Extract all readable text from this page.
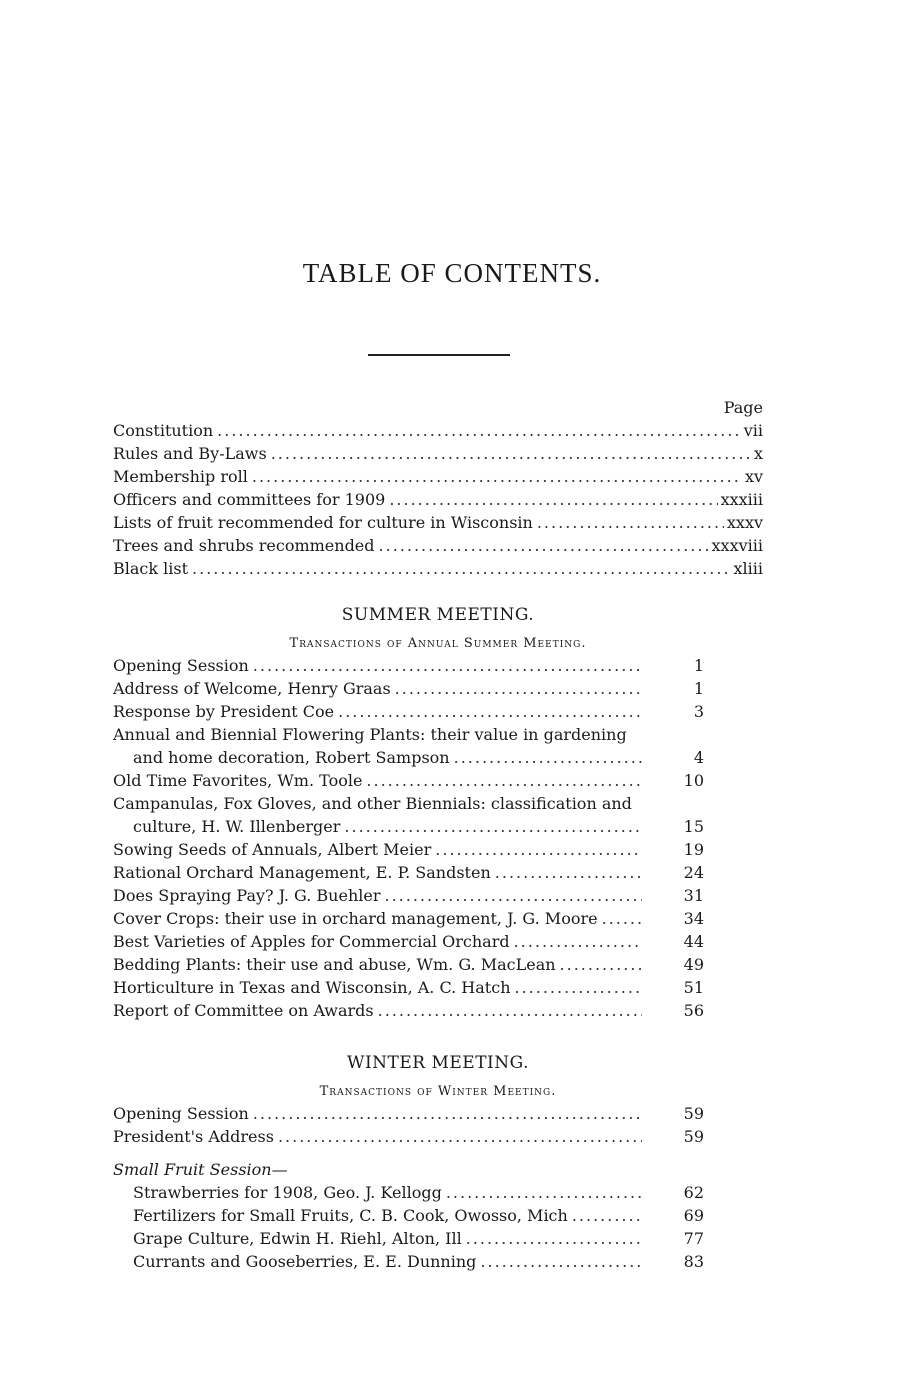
TABLE OF CONTENTS.
Page
Constitution .....	vii
Rules and By-Laws .....	x
Membership roll .....	xv
Officers and committees for 1909 .....	xxxiii
Lists of fruit recommended for culture in Wisconsin .....	xxxv
Trees and shrubs recommended .....	xxxviii
Black list .....	xliii
SUMMER MEETING.
Transactions of Annual Summer Meeting.
Opening Session .....	1
Address of Welcome, Henry Graas .....	1
Response by President Coe .....	3
Annual and Biennial Flowering Plants: their value in gardening
and home decoration, Robert Sampson .....	4
Old Time Favorites, Wm. Toole .....	10
Campanulas, Fox Gloves, and other Biennials: classification and
culture, H. W. Illenberger .....	15
Sowing Seeds of Annuals, Albert Meier .....	19
Rational Orchard Management, E. P. Sandsten .....	24
Does Spraying Pay? J. G. Buehler .....	31
Cover Crops: their use in orchard management, J. G. Moore .....	34
Best Varieties of Apples for Commercial Orchard .....	44
Bedding Plants: their use and abuse, Wm. G. MacLean .....	49
Horticulture in Texas and Wisconsin, A. C. Hatch .....	51
Report of Committee on Awards .....	56
WINTER MEETING.
Transactions of Winter Meeting.
Opening Session .....	59
President's Address .....	59
Small Fruit Session—
Strawberries for 1908, Geo. J. Kellogg .....	62
Fertilizers for Small Fruits, C. B. Cook, Owosso, Mich .....	69
Grape Culture, Edwin H. Riehl, Alton, Ill .....	77
Currants and Gooseberries, E. E. Dunning .....	83
